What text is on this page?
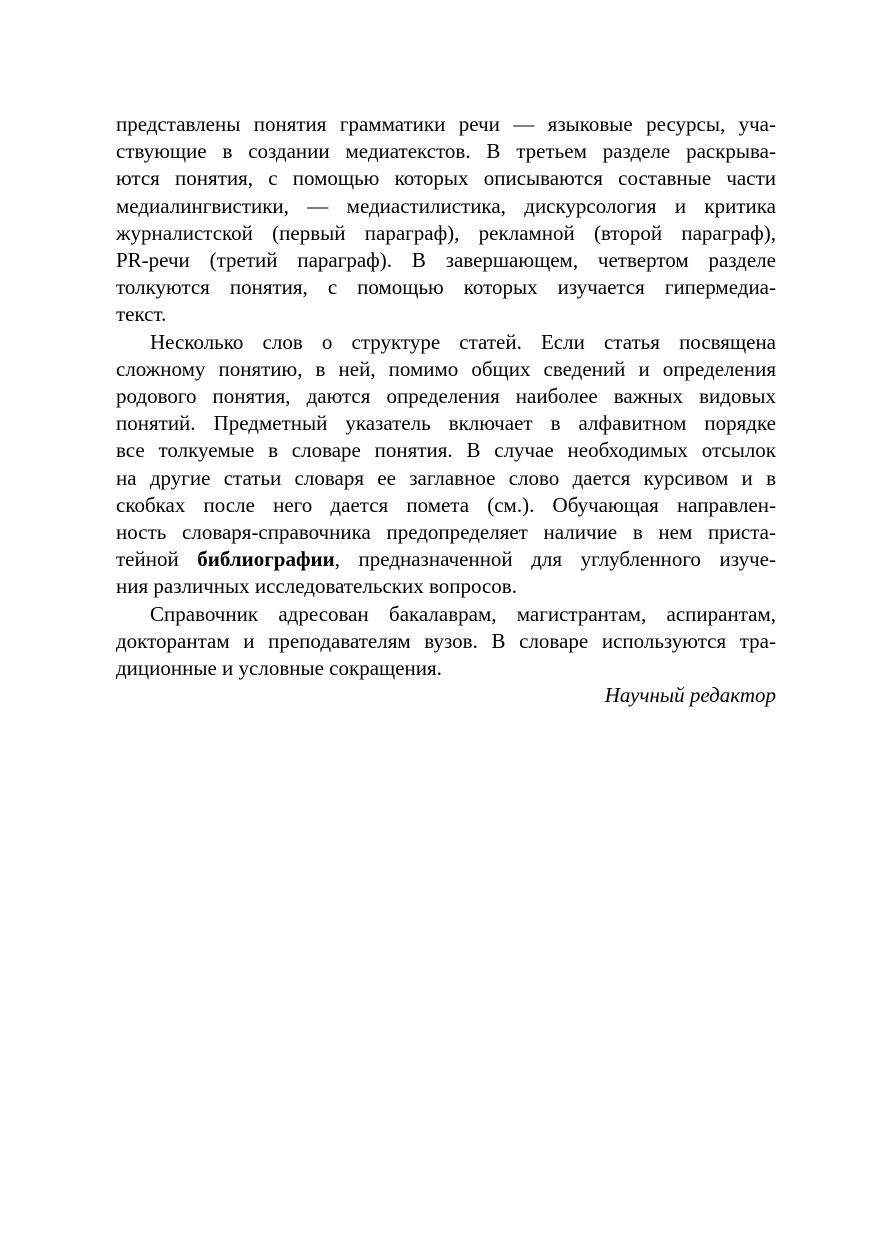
представлены понятия грамматики речи — языковые ресурсы, уча-
ствующие в создании медиатекстов. В третьем разделе раскрыва-
ются понятия, с помощью которых описываются составные части
медиалингвистики, — медиастилистика, дискурсология и критика
журналистской (первый параграф), рекламной (второй параграф),
PR-речи (третий параграф). В завершающем, четвертом разделе
толкуются понятия, с помощью которых изучается гипермедиа-
текст.

Несколько слов о структуре статей. Если статья посвящена
сложному понятию, в ней, помимо общих сведений и определения
родового понятия, даются определения наиболее важных видовых
понятий. Предметный указатель включает в алфавитном порядке
все толкуемые в словаре понятия. В случае необходимых отсылок
на другие статьи словаря ее заглавное слово дается курсивом и в
скобках после него дается помета (см.). Обучающая направлен-
ность словаря-справочника предопределяет наличие в нем приста-
тейной библиографии, предназначенной для углубленного изуче-
ния различных исследовательских вопросов.

Справочник адресован бакалаврам, магистрантам, аспирантам,
докторантам и преподавателям вузов. В словаре используются тра-
диционные и условные сокращения.

Научный редактор
